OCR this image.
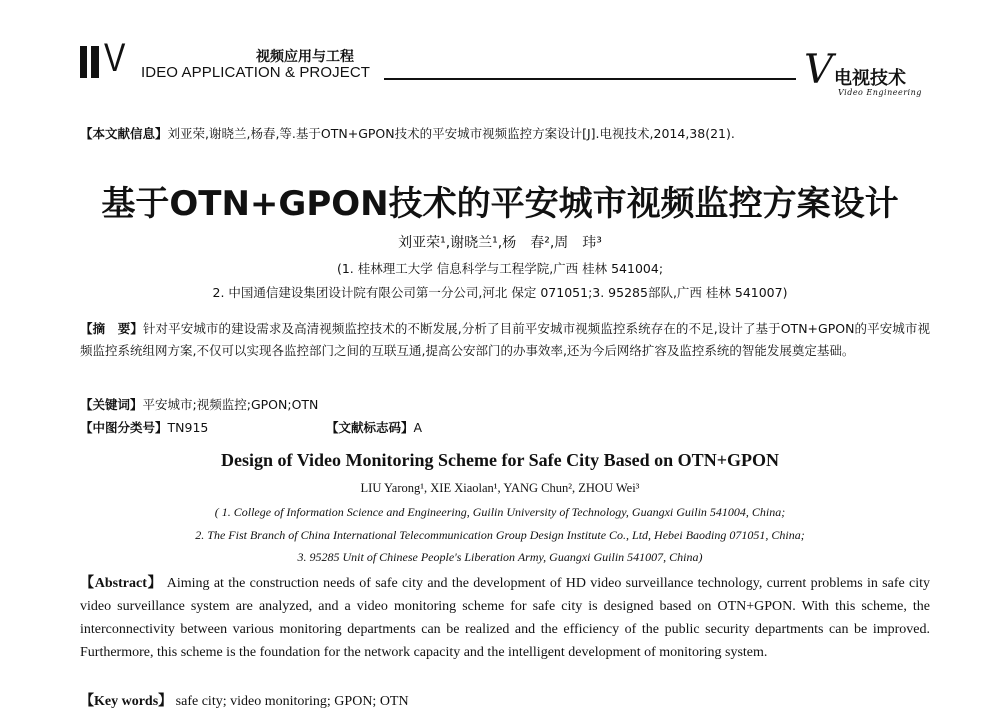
V	视频应用与工程
IDEO APPLICATION & PROJECT	𝑉 电视技术
Video Engineering
【本文献信息】刘亚荣,谢晓兰,杨春,等.基于OTN+GPON技术的平安城市视频监控方案设计[J].电视技术,2014,38(21).
基于OTN+GPON技术的平安城市视频监控方案设计
刘亚荣¹,谢晓兰¹,杨　春²,周　玮³
(1. 桂林理工大学 信息科学与工程学院,广西 桂林 541004;
2. 中国通信建设集团设计院有限公司第一分公司,河北 保定 071051;3. 95285部队,广西 桂林 541007)
【摘　要】针对平安城市的建设需求及高清视频监控技术的不断发展,分析了目前平安城市视频监控系统存在的不足,设计了基于OTN+GPON的平安城市视频监控系统组网方案,不仅可以实现各监控部门之间的互联互通,提高公安部门的办事效率,还为今后网络扩容及监控系统的智能发展奠定基础。
【关键词】平安城市;视频监控;GPON;OTN
【中图分类号】TN915	【文献标志码】A
Design of Video Monitoring Scheme for Safe City Based on OTN+GPON
LIU Yarong¹, XIE Xiaolan¹, YANG Chun², ZHOU Wei³
( 1. College of Information Science and Engineering, Guilin University of Technology, Guangxi Guilin 541004, China;
2. The Fist Branch of China International Telecommunication Group Design Institute Co., Ltd, Hebei Baoding 071051, China;
3. 95285 Unit of Chinese People's Liberation Army, Guangxi Guilin 541007, China)
【Abstract】 Aiming at the construction needs of safe city and the development of HD video surveillance technology, current problems in safe city video surveillance system are analyzed, and a video monitoring scheme for safe city is designed based on OTN+GPON. With this scheme, the interconnectivity between various monitoring departments can be realized and the efficiency of the public security departments can be improved. Furthermore, this scheme is the foundation for the network capacity and the intelligent development of monitoring system.
【Key words】 safe city; video monitoring; GPON; OTN
